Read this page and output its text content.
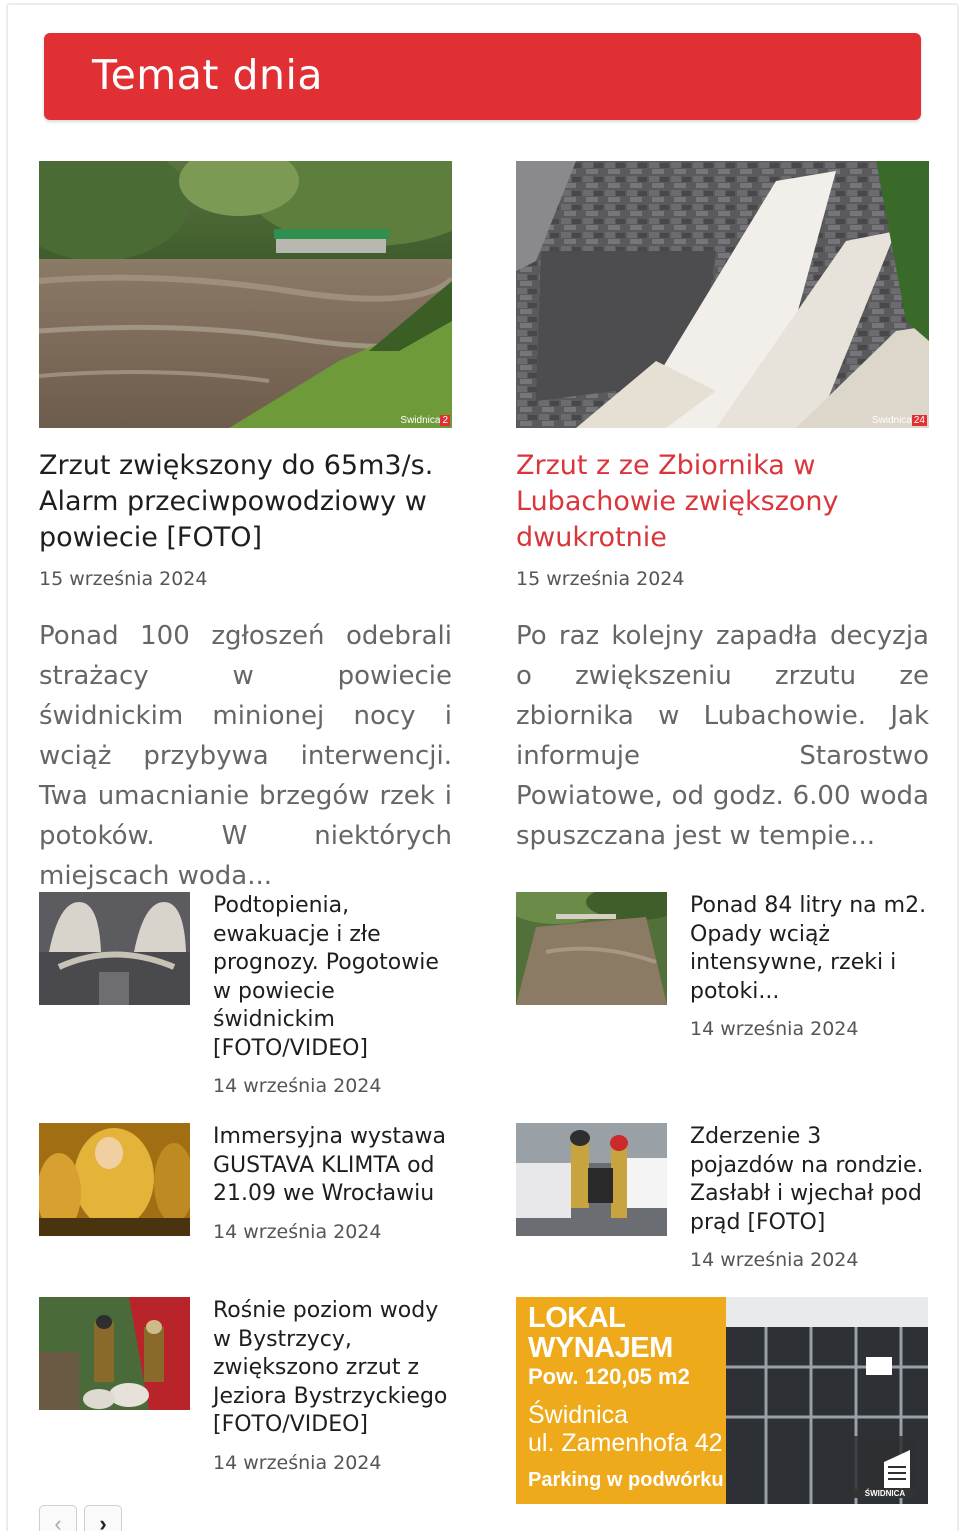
Temat dnia
Swidnica 2
Zrzut zwiększony do 65m3/s. Alarm przeciwpowodziowy w powiecie [FOTO]
15 września 2024

Ponad 100 zgłoszeń odebrali strażacy w powiecie świdnickim minionej nocy i wciąż przybywa interwencji. Twa umacnianie brzegów rzek i potoków. W niektórych miejscach woda...

Swidnica 24
Zrzut z ze Zbiornika w Lubachowie zwiększony dwukrotnie
15 września 2024

Po raz kolejny zapadła decyzja o zwiększeniu zrzutu ze zbiornika w Lubachowie. Jak informuje Starostwo Powiatowe, od godz. 6.00 woda spuszczana jest w tempie...

Podtopienia, ewakuacje i złe prognozy. Pogotowie w powiecie świdnickim [FOTO/VIDEO]
14 września 2024
Ponad 84 litry na m2. Opady wciąż intensywne, rzeki i potoki...
14 września 2024
Immersyjna wystawa GUSTAVA KLIMTA od 21.09 we Wrocławiu
14 września 2024
Zderzenie 3 pojazdów na rondzie. Zasłabł i wjechał pod prąd [FOTO]
14 września 2024
Rośnie poziom wody w Bystrzycy, zwiększono zrzut z Jeziora Bystrzyckiego [FOTO/VIDEO]
14 września 2024
LOKAL
WYNAJEM
Pow. 120,05 m2
Świdnica
ul. Zamenhofa 42
Parking w podwórku
ŚWIDNICA
‹	›
